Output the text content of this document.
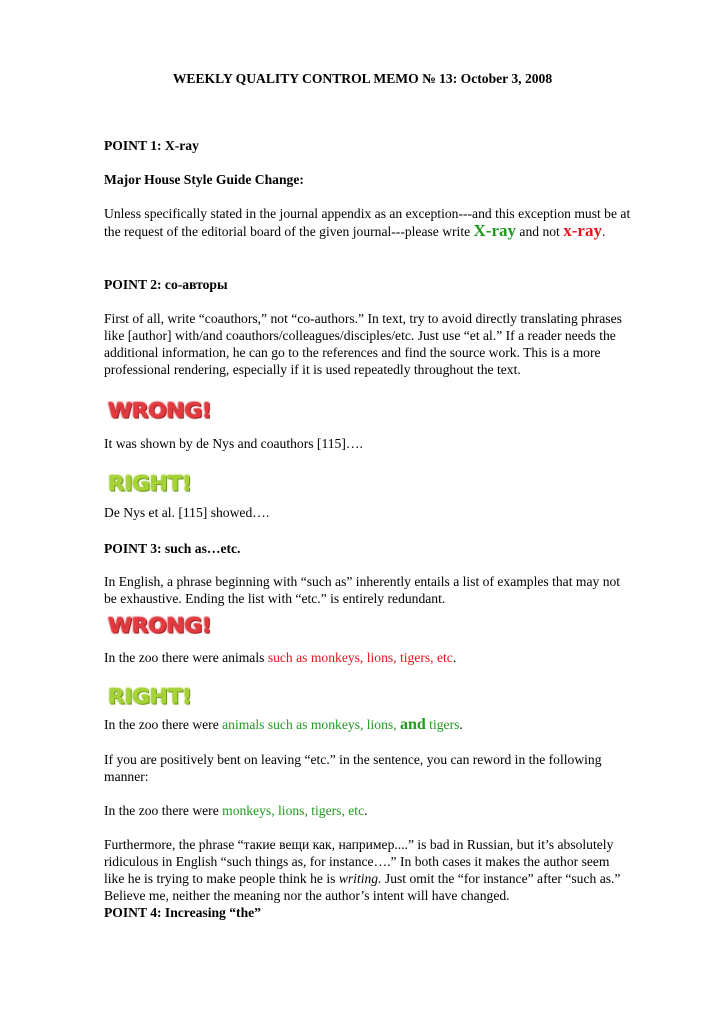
WEEKLY QUALITY CONTROL MEMO № 13: October 3, 2008
POINT 1: X-ray
Major House Style Guide Change:
Unless specifically stated in the journal appendix as an exception---and this exception must be at
the request of the editorial board of the given journal---please write X-ray and not x-ray.
POINT 2: со-авторы
First of all, write “coauthors,” not “co-authors.” In text, try to avoid directly translating phrases
like [author] with/and coauthors/colleagues/disciples/etc. Just use “et al.” If a reader needs the
additional information, he can go to the references and find the source work. This is a more
professional rendering, especially if it is used repeatedly throughout the text.
WRONG!
It was shown by de Nys and coauthors [115]….
RIGHT!
De Nys et al. [115] showed….
POINT 3: such as…etc.
In English, a phrase beginning with “such as” inherently entails a list of examples that may not
be exhaustive. Ending the list with “etc.” is entirely redundant.
WRONG!
In the zoo there were animals such as monkeys, lions, tigers, etc.
RIGHT!
In the zoo there were animals such as monkeys, lions, and tigers.
If you are positively bent on leaving “etc.” in the sentence, you can reword in the following
manner:
In the zoo there were monkeys, lions, tigers, etc.
Furthermore, the phrase “такие вещи как, например....” is bad in Russian, but it’s absolutely
ridiculous in English “such things as, for instance….” In both cases it makes the author seem
like he is trying to make people think he is writing. Just omit the “for instance” after “such as.”
Believe me, neither the meaning nor the author’s intent will have changed.
POINT 4: Increasing “the”
